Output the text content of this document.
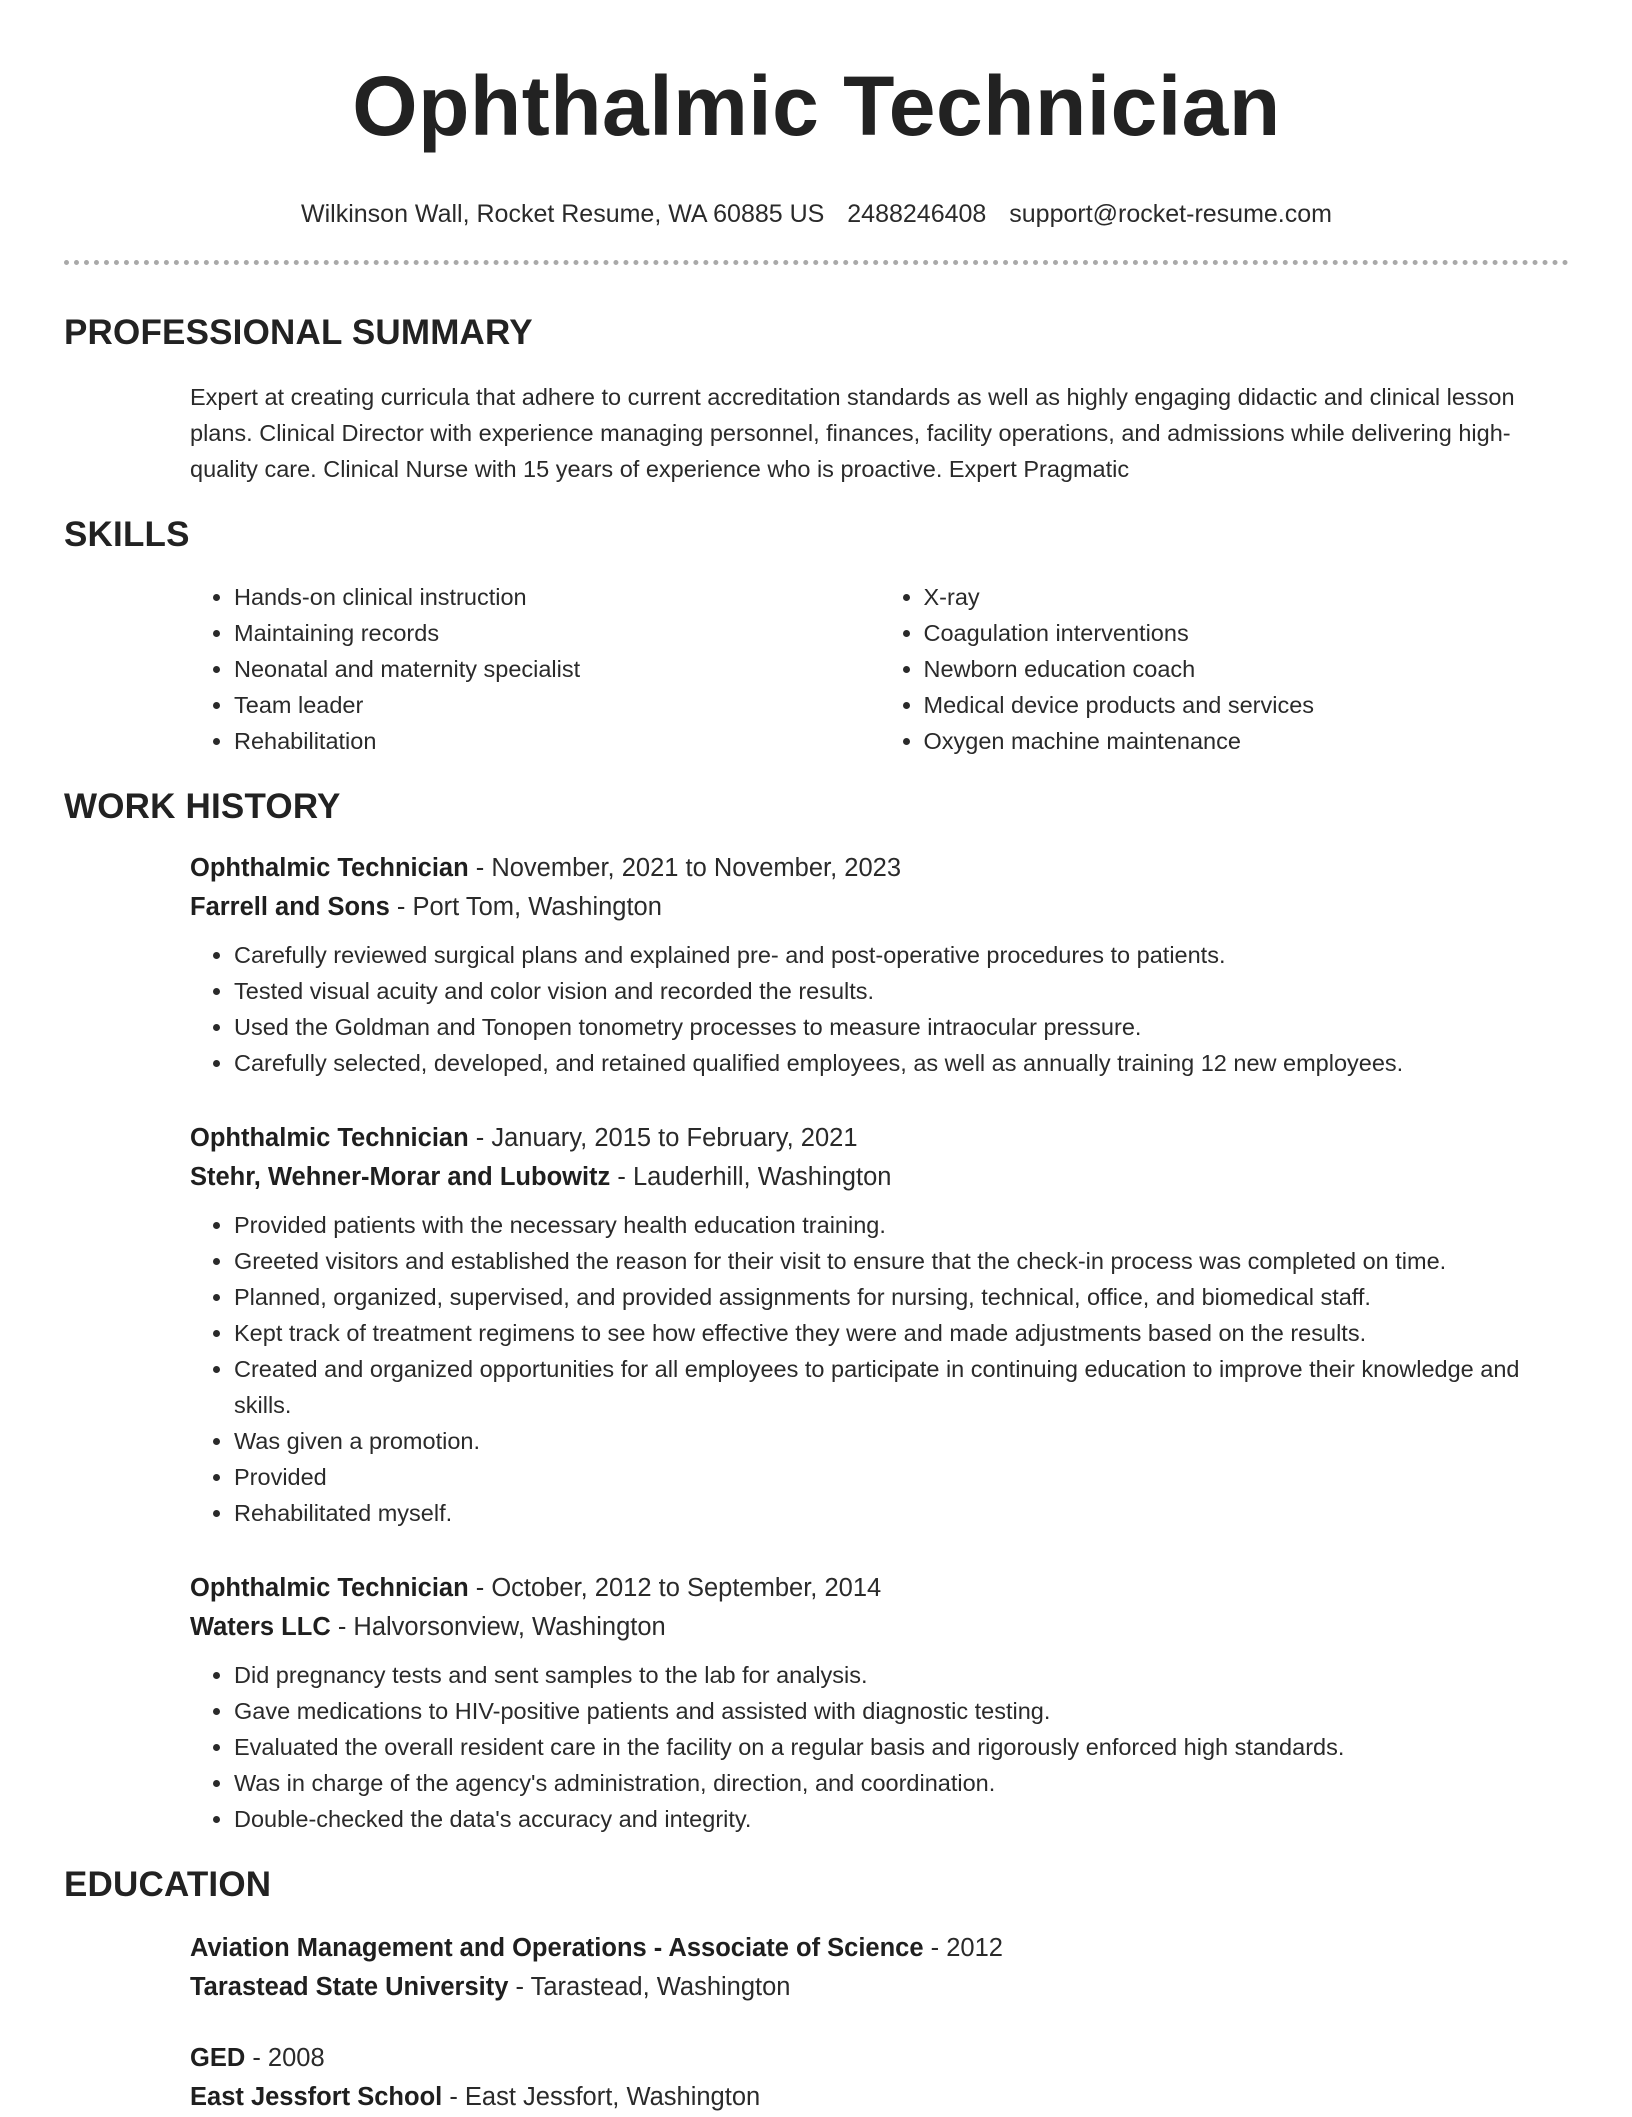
Ophthalmic Technician
Wilkinson Wall, Rocket Resume, WA 60885 US 2488246408 support@rocket-resume.com
PROFESSIONAL SUMMARY

Expert at creating curricula that adhere to current accreditation standards as well as highly engaging didactic and clinical lesson plans. Clinical Director with experience managing personnel, finances, facility operations, and admissions while delivering high-quality care. Clinical Nurse with 15 years of experience who is proactive. Expert Pragmatic

SKILLS
• Hands-on clinical instruction
• Maintaining records
• Neonatal and maternity specialist
• Team leader
• Rehabilitation
• X-ray
• Coagulation interventions
• Newborn education coach
• Medical device products and services
• Oxygen machine maintenance
WORK HISTORY
Ophthalmic Technician - November, 2021 to November, 2023
Farrell and Sons - Port Tom, Washington
• Carefully reviewed surgical plans and explained pre- and post-operative procedures to patients.
• Tested visual acuity and color vision and recorded the results.
• Used the Goldman and Tonopen tonometry processes to measure intraocular pressure.
• Carefully selected, developed, and retained qualified employees, as well as annually training 12 new employees.
Ophthalmic Technician - January, 2015 to February, 2021
Stehr, Wehner-Morar and Lubowitz - Lauderhill, Washington
• Provided patients with the necessary health education training.
• Greeted visitors and established the reason for their visit to ensure that the check-in process was completed on time.
• Planned, organized, supervised, and provided assignments for nursing, technical, office, and biomedical staff.
• Kept track of treatment regimens to see how effective they were and made adjustments based on the results.
• Created and organized opportunities for all employees to participate in continuing education to improve their knowledge and skills.
• Was given a promotion.
• Provided
• Rehabilitated myself.
Ophthalmic Technician - October, 2012 to September, 2014
Waters LLC - Halvorsonview, Washington
• Did pregnancy tests and sent samples to the lab for analysis.
• Gave medications to HIV-positive patients and assisted with diagnostic testing.
• Evaluated the overall resident care in the facility on a regular basis and rigorously enforced high standards.
• Was in charge of the agency's administration, direction, and coordination.
• Double-checked the data's accuracy and integrity.
EDUCATION
Aviation Management and Operations - Associate of Science - 2012
Tarastead State University - Tarastead, Washington
GED - 2008
East Jessfort School - East Jessfort, Washington
